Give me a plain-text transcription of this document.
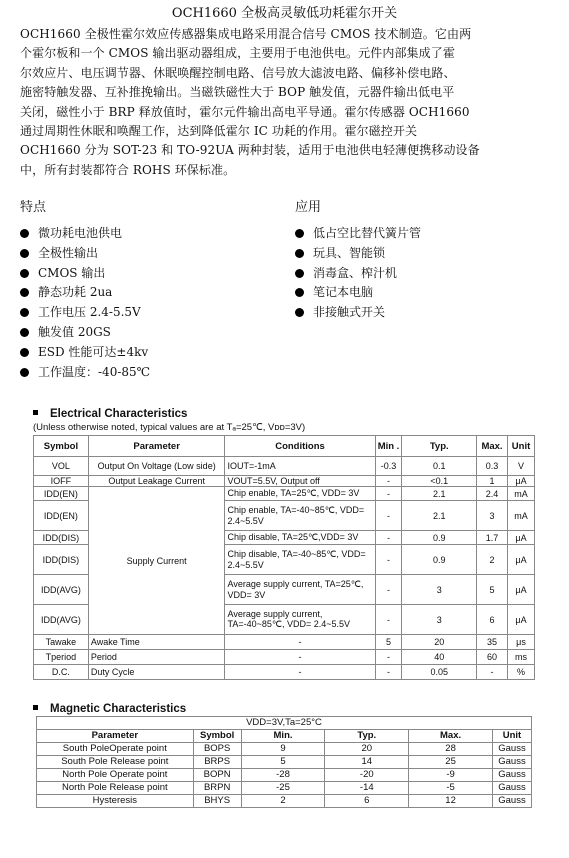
OCH1660 全极高灵敏低功耗霍尔开关
OCH1660 全极性霍尔效应传感器集成电路采用混合信号 CMOS 技术制造。它由两
个霍尔板和一个 CMOS 输出驱动器组成，主要用于电池供电。元件内部集成了霍
尔效应片、电压调节器、休眠唤醒控制电路、信号放大滤波电路、偏移补偿电路、
施密特触发器、互补推挽输出。当磁铁磁性大于 BOP 触发值，元器件输出低电平
关闭，磁性小于 BRP 释放值时，霍尔元件输出高电平导通。霍尔传感器 OCH1660
通过周期性休眠和唤醒工作，达到降低霍尔 IC 功耗的作用。霍尔磁控开关
OCH1660 分为 SOT-23 和 TO-92UA 两种封装，适用于电池供电轻薄便携移动设备
中，所有封装都符合 ROHS 环保标准。
特点	应用
微功耗电池供电
全极性输出
CMOS 输出
静态功耗 2ua
工作电压 2.4-5.5V
触发值 20GS
ESD 性能可达±4kv
工作温度：-40-85℃
低占空比替代簧片管
玩具、智能锁
消毒盒、榨汁机
笔记本电脑
非接触式开关
Electrical Characteristics
(Unless otherwise noted, typical values are at Tₐ=25℃, Vᴅᴅ=3V)
Symbol	Parameter	Conditions	Min .	Typ.	Max.	Unit
VOL	Output On Voltage (Low side)	IOUT=-1mA	-0.3	0.1	0.3	V
IOFF	Output Leakage Current	VOUT=5.5V, Output off	-	<0.1	1	μA
IDD(EN)	Supply Current	Chip enable, TA=25℃, VDD= 3V	-	2.1	2.4	mA
IDD(EN)		Chip enable, TA=-40~85℃, VDD= 2.4~5.5V	-	2.1	3	mA
IDD(DIS)		Chip disable, TA=25℃,VDD= 3V	-	0.9	1.7	μA
IDD(DIS)		Chip disable, TA=-40~85℃, VDD= 2.4~5.5V	-	0.9	2	μA
IDD(AVG)		Average supply current, TA=25℃, VDD= 3V	-	3	5	μA
IDD(AVG)		Average supply current, TA=-40~85℃, VDD= 2.4~5.5V	-	3	6	μA
Tawake	Awake Time	-	5	20	35	μs
Tperiod	Period	-	-	40	60	ms
D.C.	Duty Cycle	-	-	0.05	-	%
Magnetic Characteristics
VDD=3V,Ta=25°C					
Parameter	Symbol	Min.	Typ.	Max.	Unit
South PoleOperate point	BOPS	9	20	28	Gauss
South Pole Release point	BRPS	5	14	25	Gauss
North Pole Operate point	BOPN	-28	-20	-9	Gauss
North Pole Release point	BRPN	-25	-14	-5	Gauss
Hysteresis	BHYS	2	6	12	Gauss
